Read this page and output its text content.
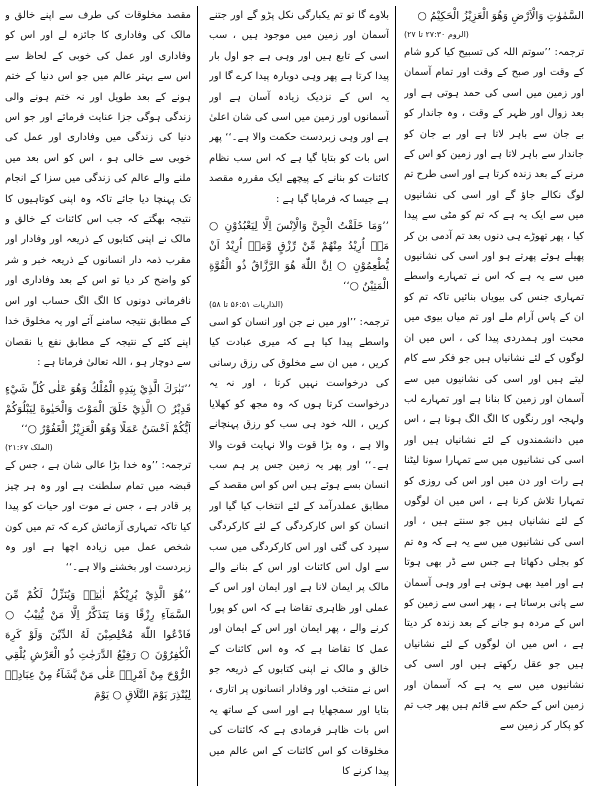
السَّمٰوٰتِ وَالْاَرْضِ وَهُوَ الْعَزِيْزُ الْحَكِيْمُ ○

(الروم ۲۷:۳۰ تا ۲۷)

ترجمہ: ’’سوتم اللہ کی تسبیح کیا کرو شام کے وقت اور صبح کے وقت اور تمام آسمان اور زمین میں اسی کی حمد ہوتی ہے اور بعد زوال اور ظہر کے وقت ، وہ جاندار کو بے جان سے باہر لاتا ہے اور بے جان کو جاندار سے باہر لاتا ہے اور زمین کو اس کے مرنے کے بعد زندہ کرتا ہے اور اسی طرح تم لوگ نکالے جاؤ گے اور اسی کی نشانیوں میں سے ایک یہ ہے کہ تم کو مٹی سے پیدا کیا ، پھر تھوڑے ہی دنوں بعد تم آدمی بن کر پھیلے ہوئے پھرتے ہو اور اسی کی نشانیوں میں سے یہ ہے کہ اس نے تمہارے واسطے تمہاری جنس کی بیویاں بنائیں تاکہ تم کو ان کے پاس آرام ملے اور تم میاں بیوی میں محبت اور ہمدردی پیدا کی ، اس میں ان لوگوں کے لئے نشانیاں ہیں جو فکر سے کام لیتے ہیں اور اسی کی نشانیوں میں سے آسمان اور زمین کا بنانا ہے اور تمہارے لب ولہجہ اور رنگوں کا الگ الگ ہونا ہے ، اس میں دانشمندوں کے لئے نشانیاں ہیں اور اسی کی نشانیوں میں سے تمہارا سونا لیٹنا ہے رات اور دن میں اور اس کی روزی کو تمہارا تلاش کرنا ہے ، اس میں ان لوگوں کے لئے نشانیاں ہیں جو سنتے ہیں ، اور اسی کی نشانیوں میں سے یہ ہے کہ وہ تم کو بجلی دکھاتا ہے جس سے ڈر بھی ہوتا ہے اور امید بھی ہوتی ہے اور وہی آسمان سے پانی برساتا ہے ، پھر اسی سے زمین کو اس کے مردہ ہو جانے کے بعد زندہ کر دیتا ہے ، اس میں ان لوگوں کے لئے نشانیاں ہیں جو عقل رکھتے ہیں اور اسی کی نشانیوں میں سے یہ ہے کہ آسمان اور زمین اس کے حکم سے قائم ہیں پھر جب تم کو پکار کر زمین سے

بلاوے گا تو تم یکبارگی نکل پڑو گے اور جتنے آسمان اور زمین میں موجود ہیں ، سب اسی کے تابع ہیں اور وہی ہے جو اول بار پیدا کرتا ہے پھر وہی دوبارہ پیدا کرے گا اور یہ اس کے نزدیک زیادہ آسان ہے اور آسمانوں اور زمین میں اسی کی شان اعلیٰ ہے اور وہی زبردست حکمت والا ہے۔‘‘ پھر اس بات کو بتایا گیا ہے کہ اس سب نظام کائنات کو بنانے کے پیچھے ایک مقررہ مقصد ہے جیسا کہ فرمایا گیا ہے :

’’وَمَا خَلَقْتُ الْجِنَّ وَالْاِنْسَ اِلَّا لِيَعْبُدُوْنِ ○ مَاۤ اُرِيْدُ مِنْهُمْ مِّنْ رِّزْقٍ وَّمَاۤ اُرِيْدُ اَنْ يُّطْعِمُوْنِ ○ اِنَّ اللّٰهَ هُوَ الرَّزَّاقُ ذُو الْقُوَّةِ الْمَتِيْنُ ○‘‘

(الذاریات ۵۶:۵۱ تا ۵۸)

ترجمہ: ’’اور میں نے جن اور انسان کو اسی واسطے پیدا کیا ہے کہ میری عبادت کیا کریں ، میں ان سے مخلوق کی رزق رسانی کی درخواست نہیں کرتا ، اور نہ یہ درخواست کرتا ہوں کہ وہ مجھ کو کھلایا کریں ، اللہ خود ہی سب کو رزق پہنچانے والا ہے ، وہ بڑا قوت والا نہایت قوت والا ہے۔‘‘ اور پھر یہ زمین جس پر ہم سب انسان بسے ہوئے ہیں اس کو اس مقصد کے مطابق عملدرآمد کے لئے انتخاب کیا گیا اور انسان کو اس کارکردگی کے لئے کارکردگی سپرد کی گئی اور اس کارکردگی میں سب سے اول اس کائنات اور اس کے بنانے والے مالک پر ایمان لانا ہے اور ایمان اور اس کے عملی اور ظاہری تقاضا ہے کہ اس کو پورا کرنے والے ، پھر ایمان اور اس کے ایمان اور عمل کا تقاضا ہے کہ وہ اس کائنات کے خالق و مالک نے اپنی کتابوں کے ذریعہ جو اس نے منتخب اور وفادار انسانوں پر اتاری ، بتایا اور سمجھایا ہے اور اسی کے ساتھ یہ اس بات ظاہر فرمادی ہے کہ کائنات کی مخلوقات کو اس کائنات کے اس عالم میں پیدا کرنے کا

مقصد مخلوقات کی طرف سے اپنے خالق و مالک کی وفاداری کا جائزہ لے اور اس کو وفاداری اور عمل کی خوبی کے لحاظ سے اس سے بہتر عالم میں جو اس دنیا کے ختم ہونے کے بعد طویل اور نہ ختم ہونے والی زندگی ہوگی جزا عنایت فرمائے اور جو اس دنیا کی زندگی میں وفاداری اور عمل کی خوبی سے خالی ہو ، اس کو اس بعد میں ملنے والے عالم کی زندگی میں سزا کے انجام تک پہنچا دیا جائے تاکہ وہ اپنی کوتاہیوں کا نتیجہ بھگتے کہ جب اس کائنات کے خالق و مالک نے اپنی کتابوں کے ذریعہ اور وفادار اور مقرب ذمہ دار انسانوں کے ذریعہ خبر و شر کو واضح کر دیا تو اس کے بعد وفاداری اور نافرمانی دونوں کا الگ الگ حساب اور اس کے مطابق نتیجہ سامنے آئے اور یہ مخلوق خدا اپنے کئے کے نتیجہ کے مطابق نفع یا نقصان سے دوچار ہو ، اللہ تعالیٰ فرماتا ہے :

’’تَبٰرَكَ الَّذِيْ بِيَدِهِ الْمُلْكُ وَهُوَ عَلٰى كُلِّ شَيْءٍ قَدِيْرُ ○ الَّذِيْ خَلَقَ الْمَوْتَ وَالْحَيٰوةَ لِيَبْلُوَكُمْ اَيُّكُمْ اَحْسَنُ عَمَلًا وَهُوَ الْعَزِيْزُ الْغَفُوْرُ ○‘‘

(الملک ۲۱:۶۷)

ترجمہ: ’’وہ خدا بڑا عالی شان ہے ، جس کے قبضہ میں تمام سلطنت ہے اور وہ ہر چیز پر قادر ہے ، جس نے موت اور حیات کو پیدا کیا تاکہ تمہاری آزمائش کرے کہ تم میں کون شخص عمل میں زیادہ اچھا ہے اور وہ زبردست اور بخشنے والا ہے۔‘‘

’’هُوَ الَّذِيْ يُرِيْكُمْ اٰيٰتِهٖ وَيُنَزِّلُ لَكُمْ مِّنَ السَّمَآءِ رِزْقًا وَمَا يَتَذَكَّرُ اِلَّا مَنْ يُّنِيْبُ ○ فَادْعُوا اللّٰهَ مُخْلِصِيْنَ لَهُ الدِّيْنَ وَلَوْ كَرِهَ الْكٰفِرُوْنَ ○ رَفِيْعُ الدَّرَجٰتِ ذُو الْعَرْشِ يُلْقِي الرُّوْحَ مِنْ اَمْرِهٖ عَلٰى مَنْ يَّشَآءُ مِنْ عِبَادِهٖ لِيُنْذِرَ يَوْمَ التَّلَاقِ ○ يَوْمَ
